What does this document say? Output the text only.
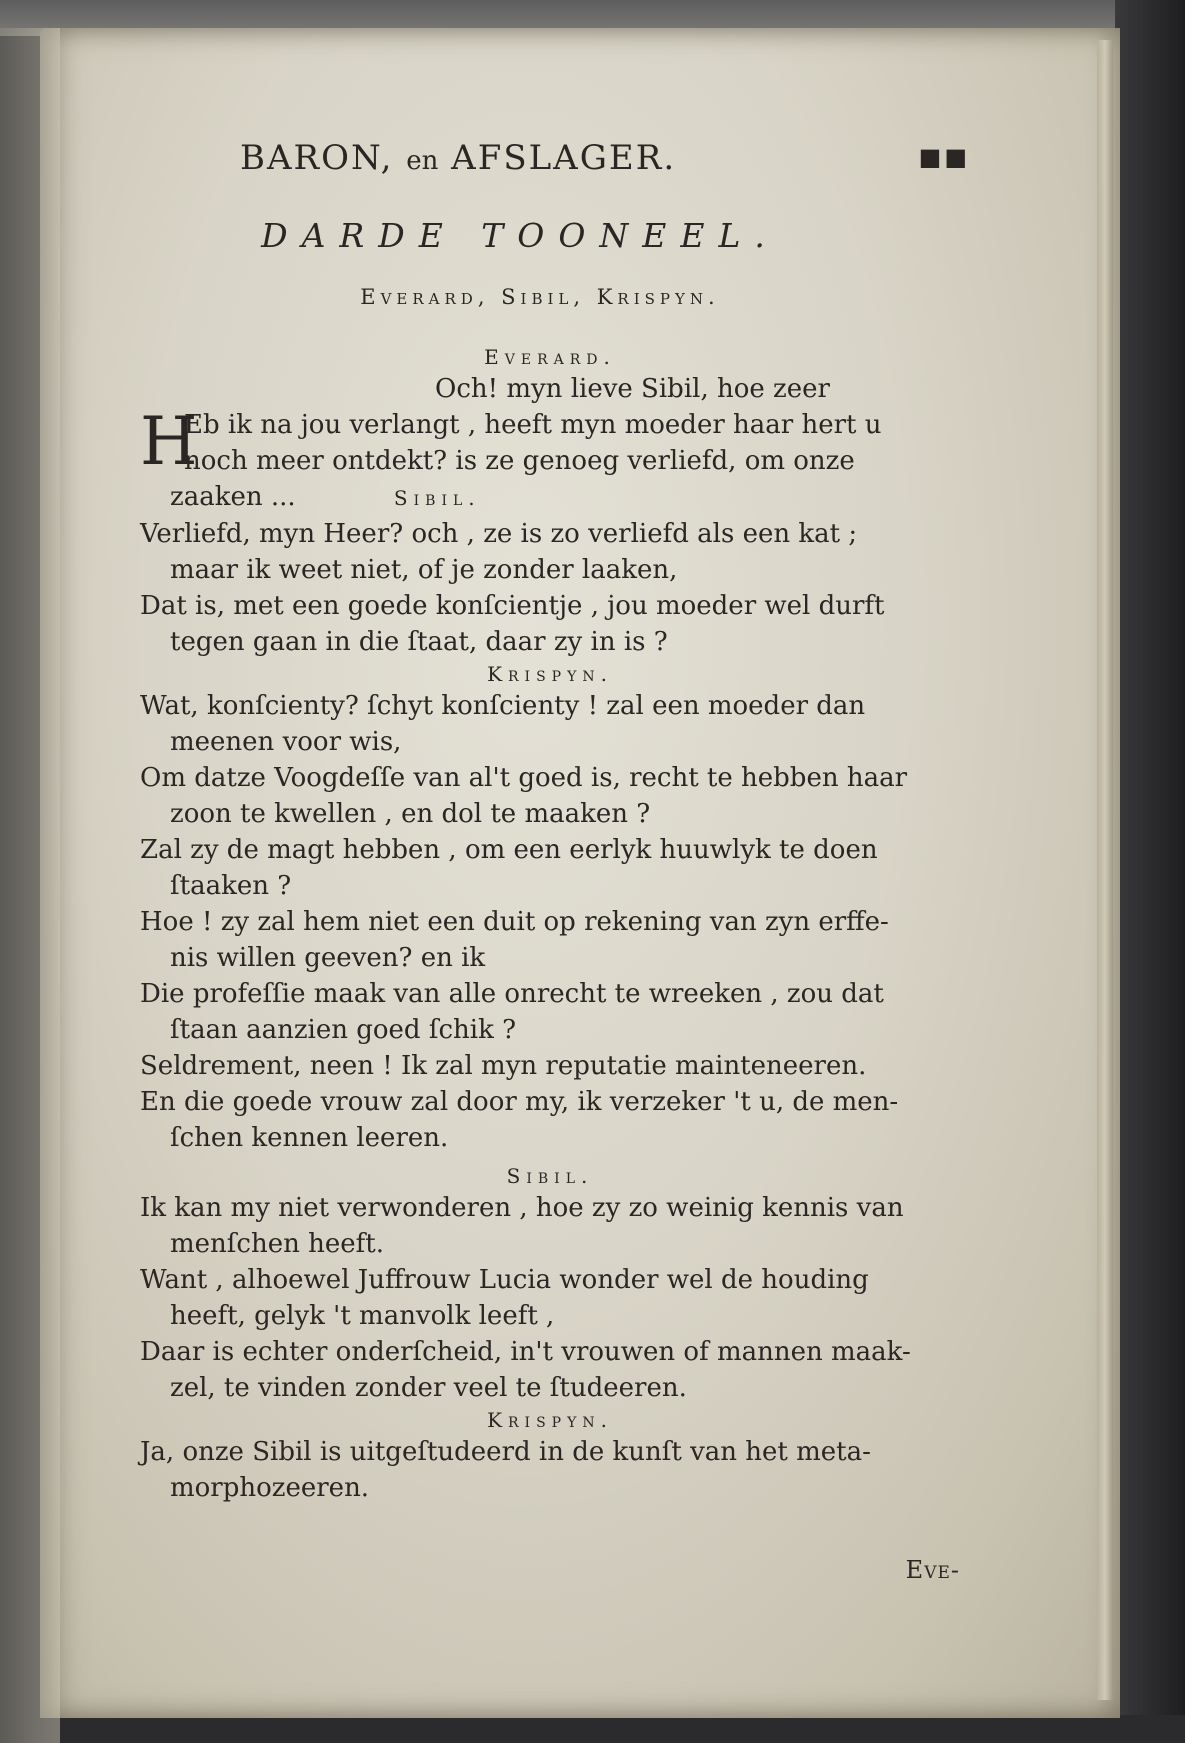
BARON, en AFSLAGER.	■■
DARDE TOONEEL.
Everard, Sibil, Krispyn.
Everard.
Och! myn lieve Sibil, hoe zeer
H
Eb ik na jou verlangt , heeft myn moeder haar hert u
noch meer ontdekt? is ze genoeg verliefd, om onze
zaaken ...	Sibil.
Verliefd, myn Heer? och , ze is zo verliefd als een kat ;
maar ik weet niet, of je zonder laaken,
Dat is, met een goede konſcientje , jou moeder wel durft
tegen gaan in die ſtaat, daar zy in is ?
Krispyn.
Wat, konſcienty? ſchyt konſcienty ! zal een moeder dan
meenen voor wis,
Om datze Voogdeſſe van al't goed is, recht te hebben haar
zoon te kwellen , en dol te maaken ?
Zal zy de magt hebben , om een eerlyk huuwlyk te doen
ſtaaken ?
Hoe ! zy zal hem niet een duit op rekening van zyn erffe-
nis willen geeven? en ik
Die profeſſie maak van alle onrecht te wreeken , zou dat
ſtaan aanzien goed ſchik ?
Seldrement, neen ! Ik zal myn reputatie mainteneeren.
En die goede vrouw zal door my, ik verzeker 't u, de men-
ſchen kennen leeren.
Sibil.
Ik kan my niet verwonderen , hoe zy zo weinig kennis van
menſchen heeft.
Want , alhoewel Juffrouw Lucia wonder wel de houding
heeft, gelyk 't manvolk leeft ,
Daar is echter onderſcheid, in't vrouwen of mannen maak-
zel, te vinden zonder veel te ſtudeeren.
Krispyn.
Ja, onze Sibil is uitgeſtudeerd in de kunſt van het meta-
morphozeeren.
Eve-
